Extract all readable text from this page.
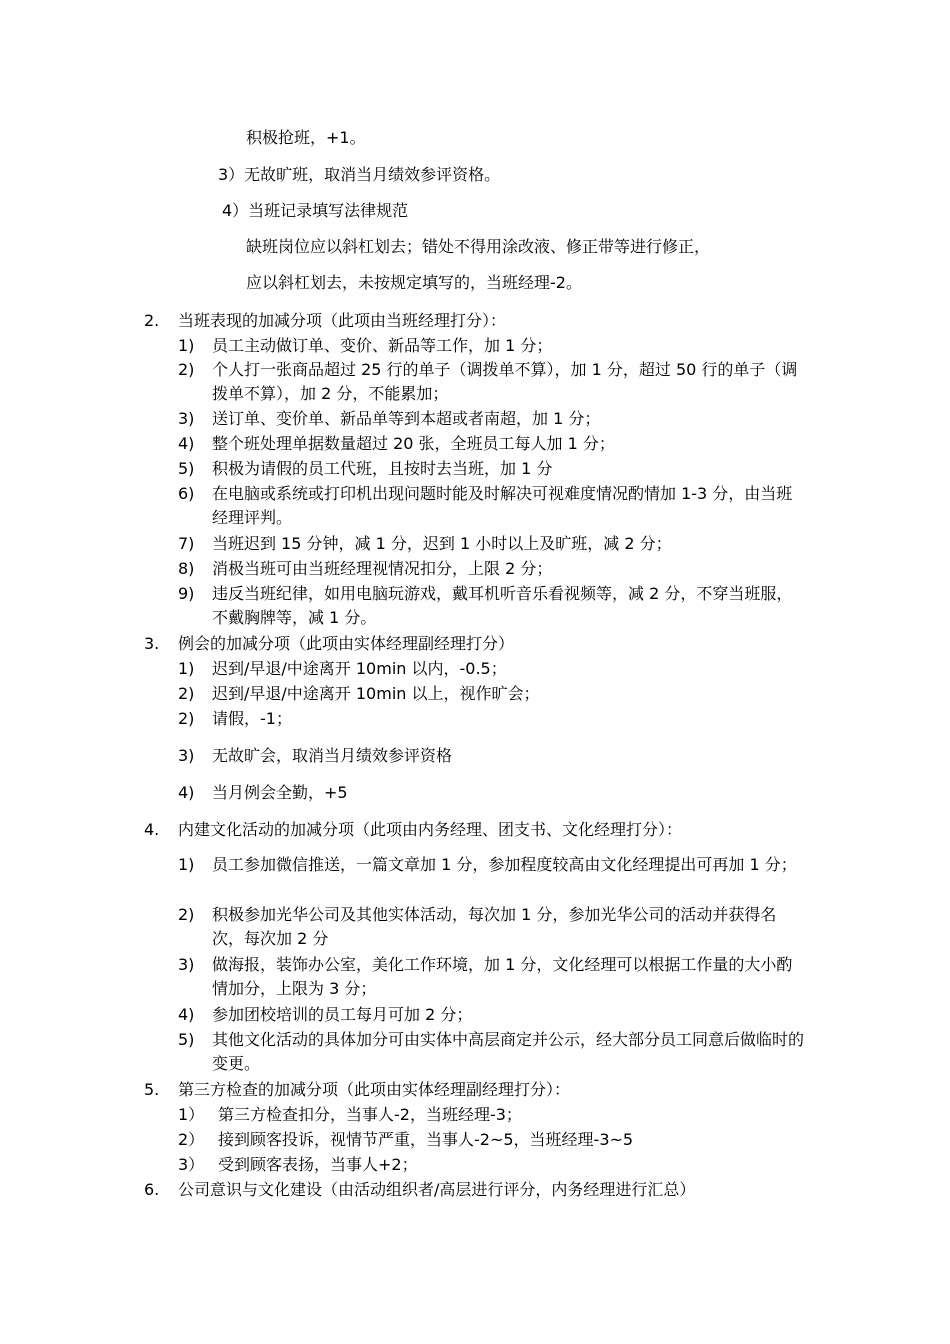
积极抢班，+1。
3）无故旷班，取消当月绩效参评资格。
4）当班记录填写法律规范
缺班岗位应以斜杠划去；错处不得用涂改液、修正带等进行修正，
应以斜杠划去，未按规定填写的，当班经理-2。
2. 当班表现的加减分项（此项由当班经理打分）：
1) 员工主动做订单、变价、新品等工作，加 1 分；
2) 个人打一张商品超过 25 行的单子（调拨单不算），加 1 分，超过 50 行的单子（调拨单不算），加 2 分，不能累加；
3) 送订单、变价单、新品单等到本超或者南超，加 1 分；
4) 整个班处理单据数量超过 20 张，全班员工每人加 1 分；
5) 积极为请假的员工代班，且按时去当班，加 1 分
6) 在电脑或系统或打印机出现问题时能及时解决可视难度情况酌情加 1-3 分，由当班经理评判。
7) 当班迟到 15 分钟，减 1 分，迟到 1 小时以上及旷班，减 2 分；
8) 消极当班可由当班经理视情况扣分，上限 2 分；
9) 违反当班纪律，如用电脑玩游戏，戴耳机听音乐看视频等，减 2 分，不穿当班服，不戴胸牌等，减 1 分。
3. 例会的加减分项（此项由实体经理副经理打分）
1) 迟到/早退/中途离开 10min 以内，-0.5；
2) 迟到/早退/中途离开 10min 以上，视作旷会；
2) 请假，-1；
3) 无故旷会，取消当月绩效参评资格
4) 当月例会全勤，+5
4. 内建文化活动的加减分项（此项由内务经理、团支书、文化经理打分）：
1) 员工参加微信推送，一篇文章加 1 分，参加程度较高由文化经理提出可再加 1 分；
2) 积极参加光华公司及其他实体活动，每次加 1 分，参加光华公司的活动并获得名次，每次加 2 分
3) 做海报，装饰办公室，美化工作环境，加 1 分，文化经理可以根据工作量的大小酌情加分，上限为 3 分；
4) 参加团校培训的员工每月可加 2 分；
5) 其他文化活动的具体加分可由实体中高层商定并公示，经大部分员工同意后做临时的变更。
5. 第三方检查的加减分项（此项由实体经理副经理打分）：
1） 第三方检查扣分，当事人-2，当班经理-3；
2） 接到顾客投诉，视情节严重，当事人-2~5，当班经理-3~5
3） 受到顾客表扬，当事人+2；
6. 公司意识与文化建设（由活动组织者/高层进行评分，内务经理进行汇总）
